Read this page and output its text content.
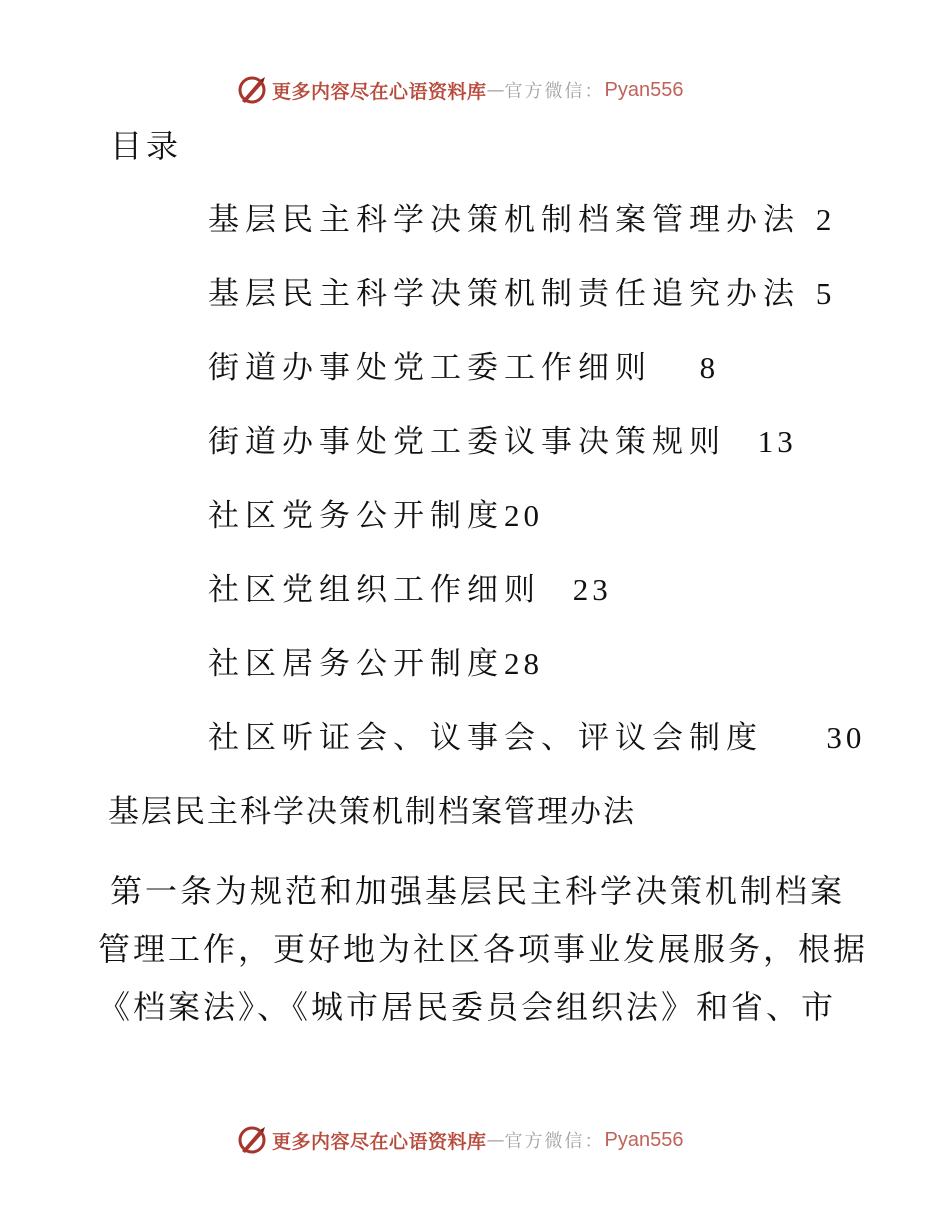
更多内容尽在心语资料库 — 官方微信： Pyan556
目录
基层民主科学决策机制档案管理办法 2
基层民主科学决策机制责任追究办法 5
街道办事处党工委工作细则 8
街道办事处党工委议事决策规则 13
社区党务公开制度20
社区党组织工作细则 23
社区居务公开制度28
社区听证会、议事会、评议会制度 30
基层民主科学决策机制档案管理办法
第一条为规范和加强基层民主科学决策机制档案
管理工作，更好地为社区各项事业发展服务，根据
《档案法》、《城市居民委员会组织法》和省、市
更多内容尽在心语资料库 — 官方微信： Pyan556
